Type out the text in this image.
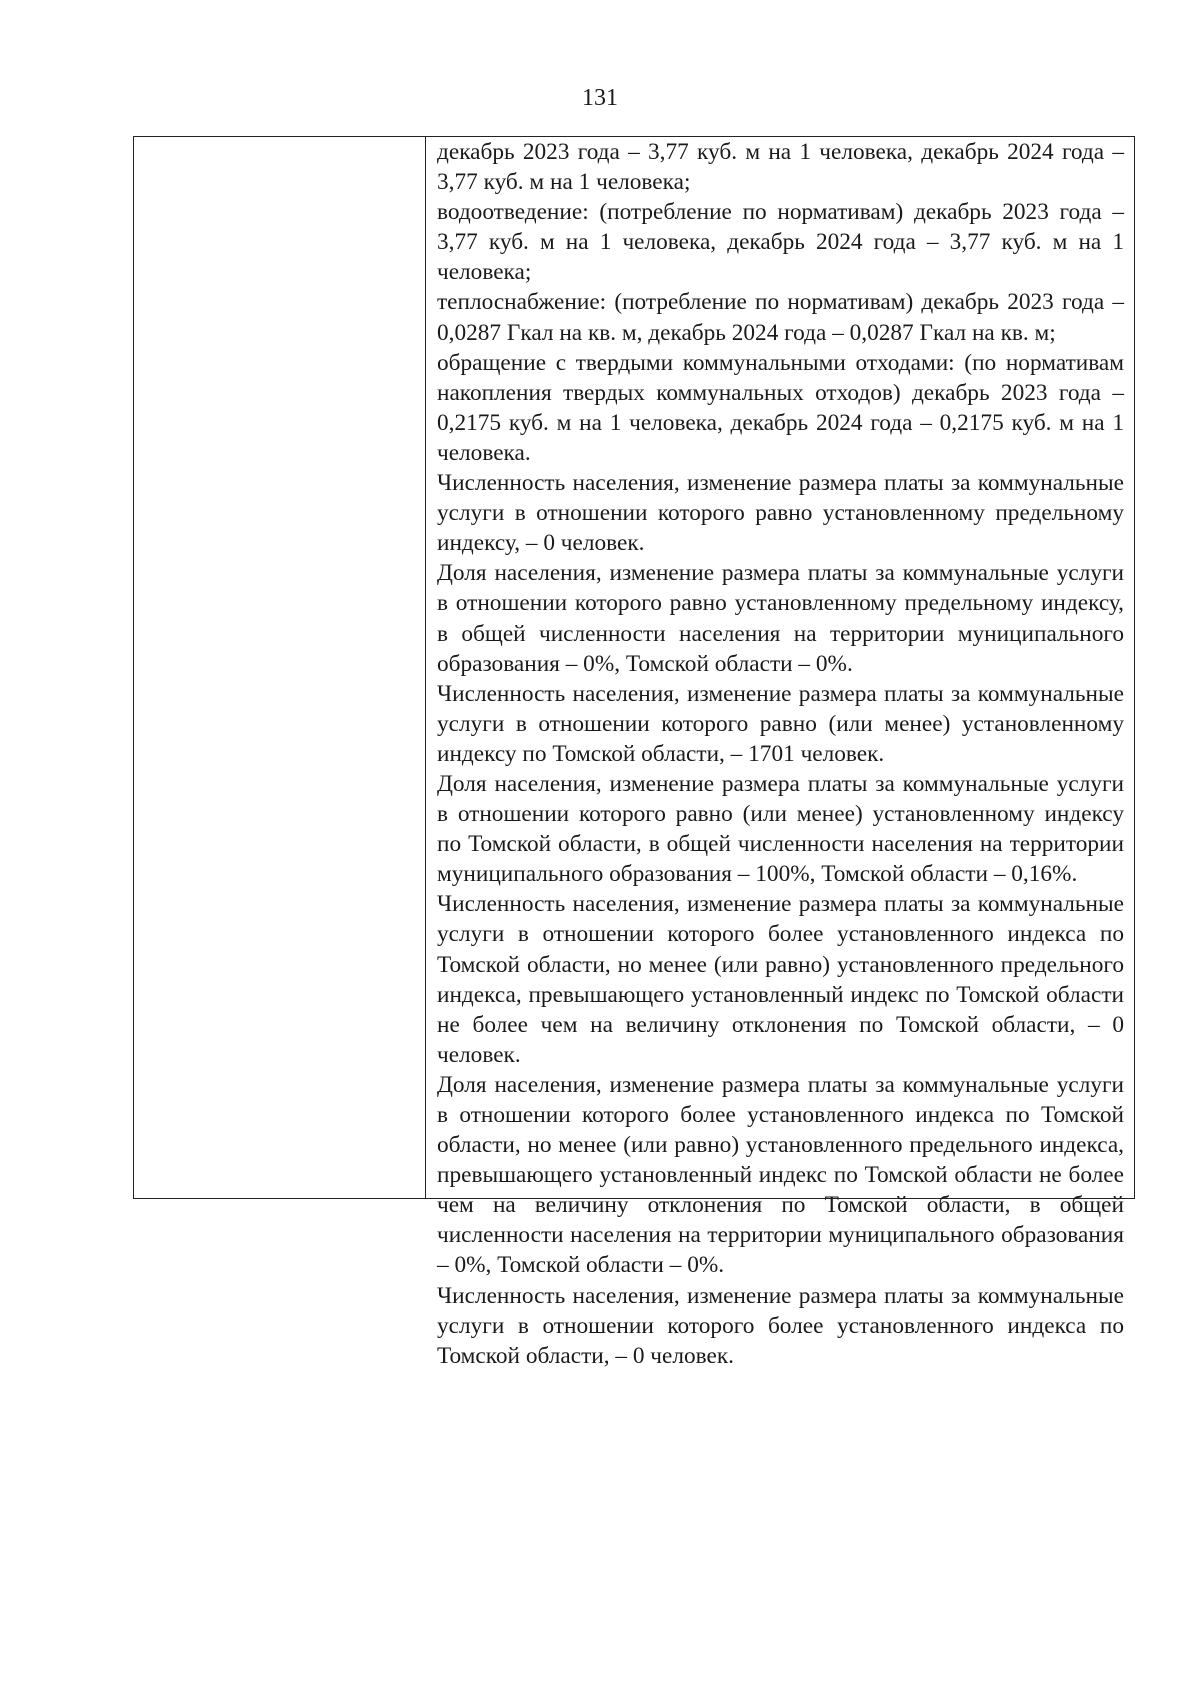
131

декабрь 2023 года – 3,77 куб. м на 1 человека, декабрь 2024 года – 3,77 куб. м на 1 человека;

водоотведение: (потребление по нормативам) декабрь 2023 года – 3,77 куб. м на 1 человека, декабрь 2024 года – 3,77 куб. м на 1 человека;

теплоснабжение: (потребление по нормативам) декабрь 2023 года – 0,0287 Гкал на кв. м, декабрь 2024 года – 0,0287 Гкал на кв. м;

обращение с твердыми коммунальными отходами: (по нормативам накопления твердых коммунальных отходов) декабрь 2023 года – 0,2175 куб. м на 1 человека, декабрь 2024 года – 0,2175 куб. м на 1 человека.

Численность населения, изменение размера платы за коммунальные услуги в отношении которого равно установленному предельному индексу, – 0 человек.

Доля населения, изменение размера платы за коммунальные услуги в отношении которого равно установленному предельному индексу, в общей численности населения на территории муниципального образования – 0%, Томской области – 0%.

Численность населения, изменение размера платы за коммунальные услуги в отношении которого равно (или менее) установленному индексу по Томской области, – 1701 человек.

Доля населения, изменение размера платы за коммунальные услуги в отношении которого равно (или менее) установленному индексу по Томской области, в общей численности населения на территории муниципального образования – 100%, Томской области – 0,16%.

Численность населения, изменение размера платы за коммунальные услуги в отношении которого более установленного индекса по Томской области, но менее (или равно) установленного предельного индекса, превышающего установленный индекс по Томской области не более чем на величину отклонения по Томской области, – 0 человек.

Доля населения, изменение размера платы за коммунальные услуги в отношении которого более установленного индекса по Томской области, но менее (или равно) установленного предельного индекса, превышающего установленный индекс по Томской области не более чем на величину отклонения по Томской области, в общей численности населения на территории муниципального образования – 0%, Томской области – 0%.

Численность населения, изменение размера платы за коммунальные услуги в отношении которого более установленного индекса по Томской области, – 0 человек.
